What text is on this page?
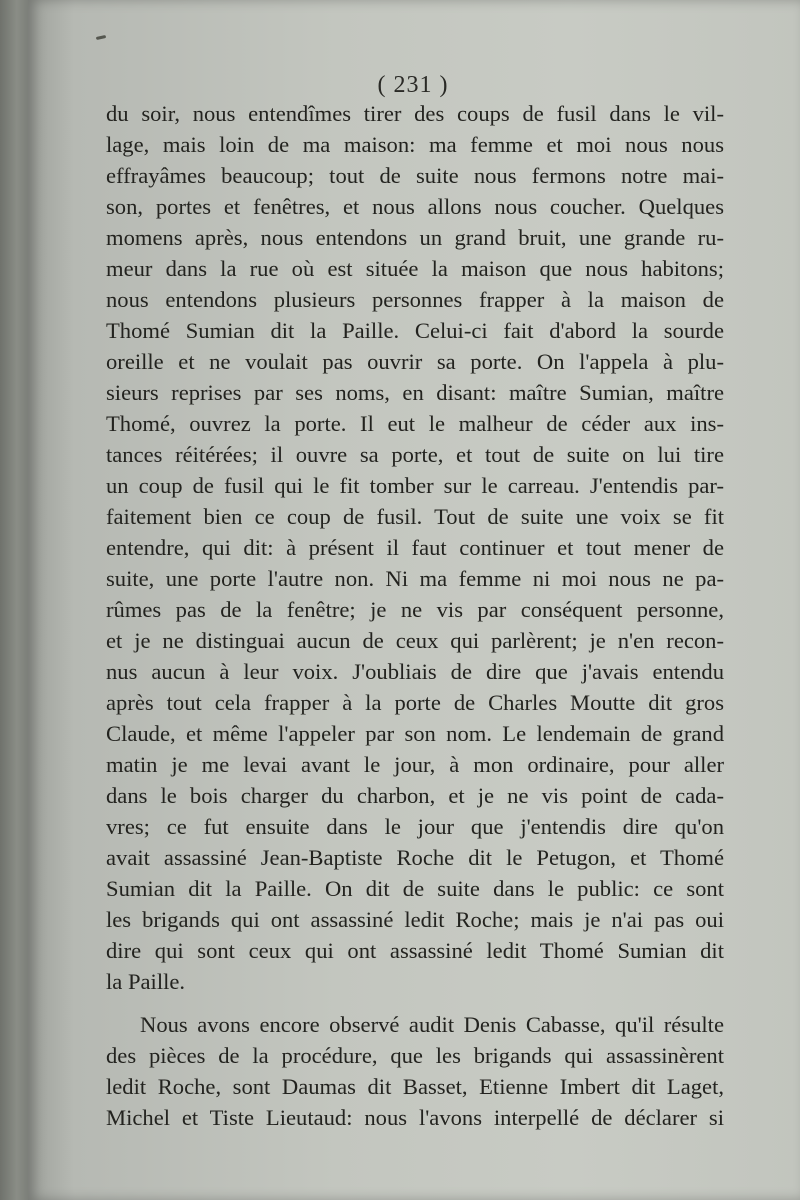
( 231 )
du soir, nous entendîmes tirer des coups de fusil dans le vil-
lage, mais loin de ma maison: ma femme et moi nous nous
effrayâmes beaucoup; tout de suite nous fermons notre mai-
son, portes et fenêtres, et nous allons nous coucher. Quelques
momens après, nous entendons un grand bruit, une grande ru-
meur dans la rue où est située la maison que nous habitons;
nous entendons plusieurs personnes frapper à la maison de
Thomé Sumian dit la Paille. Celui-ci fait d'abord la sourde
oreille et ne voulait pas ouvrir sa porte. On l'appela à plu-
sieurs reprises par ses noms, en disant: maître Sumian, maître
Thomé, ouvrez la porte. Il eut le malheur de céder aux ins-
tances réitérées; il ouvre sa porte, et tout de suite on lui tire
un coup de fusil qui le fit tomber sur le carreau. J'entendis par-
faitement bien ce coup de fusil. Tout de suite une voix se fit
entendre, qui dit: à présent il faut continuer et tout mener de
suite, une porte l'autre non. Ni ma femme ni moi nous ne pa-
rûmes pas de la fenêtre; je ne vis par conséquent personne,
et je ne distinguai aucun de ceux qui parlèrent; je n'en recon-
nus aucun à leur voix. J'oubliais de dire que j'avais entendu
après tout cela frapper à la porte de Charles Moutte dit gros
Claude, et même l'appeler par son nom. Le lendemain de grand
matin je me levai avant le jour, à mon ordinaire, pour aller
dans le bois charger du charbon, et je ne vis point de cada-
vres; ce fut ensuite dans le jour que j'entendis dire qu'on
avait assassiné Jean-Baptiste Roche dit le Petugon, et Thomé
Sumian dit la Paille. On dit de suite dans le public: ce sont
les brigands qui ont assassiné ledit Roche; mais je n'ai pas oui
dire qui sont ceux qui ont assassiné ledit Thomé Sumian dit
la Paille.
Nous avons encore observé audit Denis Cabasse, qu'il résulte
des pièces de la procédure, que les brigands qui assassinèrent
ledit Roche, sont Daumas dit Basset, Etienne Imbert dit Laget,
Michel et Tiste Lieutaud: nous l'avons interpellé de déclarer si
